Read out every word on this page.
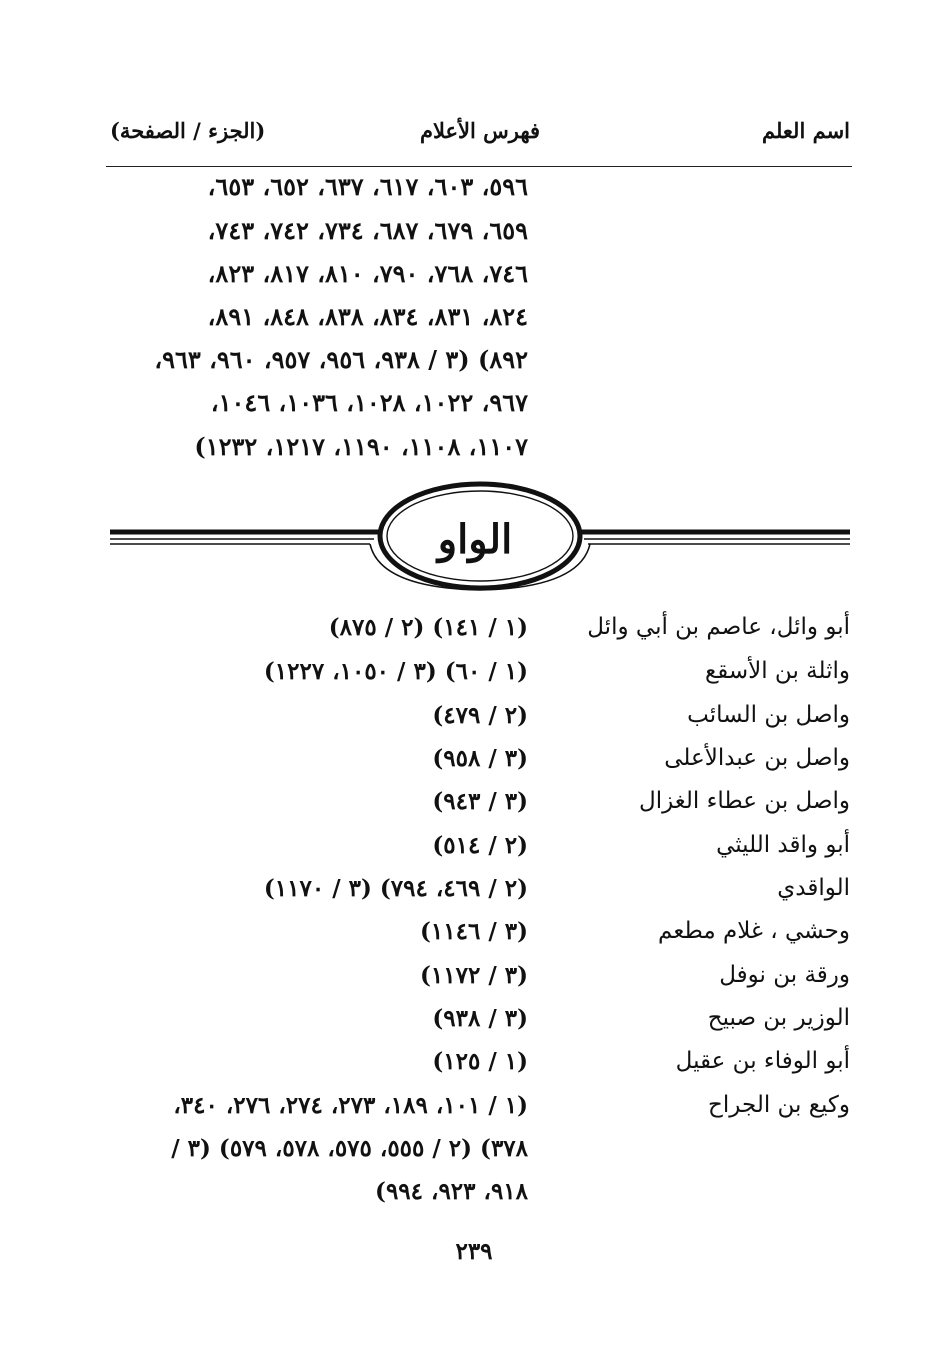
اسم العلم
فهرس الأعلام
(الجزء / الصفحة)
٥٩٦، ٦٠٣، ٦١٧، ٦٣٧، ٦٥٢، ٦٥٣،
٦٥٩، ٦٧٩، ٦٨٧، ٧٣٤، ٧٤٢، ٧٤٣،
٧٤٦، ٧٦٨، ٧٩٠، ٨١٠، ٨١٧، ٨٢٣،
٨٢٤، ٨٣١، ٨٣٤، ٨٣٨، ٨٤٨، ٨٩١،
٨٩٢) (٣ / ٩٣٨، ٩٥٦، ٩٥٧، ٩٦٠، ٩٦٣،
٩٦٧، ١٠٢٢، ١٠٢٨، ١٠٣٦، ١٠٤٦،
١١٠٧، ١١٠٨، ١١٩٠، ١٢١٧، ١٢٣٢)
الواو
أبو وائل، عاصم بن أبي وائل
(١ / ١٤١) (٢ / ٨٧٥)
واثلة بن الأسقع
(١ / ٦٠) (٣ / ١٠٥٠، ١٢٢٧)
واصل بن السائب
(٢ / ٤٧٩)
واصل بن عبدالأعلى
(٣ / ٩٥٨)
واصل بن عطاء الغزال
(٣ / ٩٤٣)
أبو واقد الليثي
(٢ / ٥١٤)
الواقدي
(٢ / ٤٦٩، ٧٩٤) (٣ / ١١٧٠)
وحشي ، غلام مطعم
(٣ / ١١٤٦)
ورقة بن نوفل
(٣ / ١١٧٢)
الوزير بن صبيح
(٣ / ٩٣٨)
أبو الوفاء بن عقيل
(١ / ١٢٥)
وكيع بن الجراح
(١ / ١٠١، ١٨٩، ٢٧٣، ٢٧٤، ٢٧٦، ٣٤٠،
٣٧٨) (٢ / ٥٥٥، ٥٧٥، ٥٧٨، ٥٧٩) (٣ /
٩١٨، ٩٢٣، ٩٩٤)
٢٣٩
